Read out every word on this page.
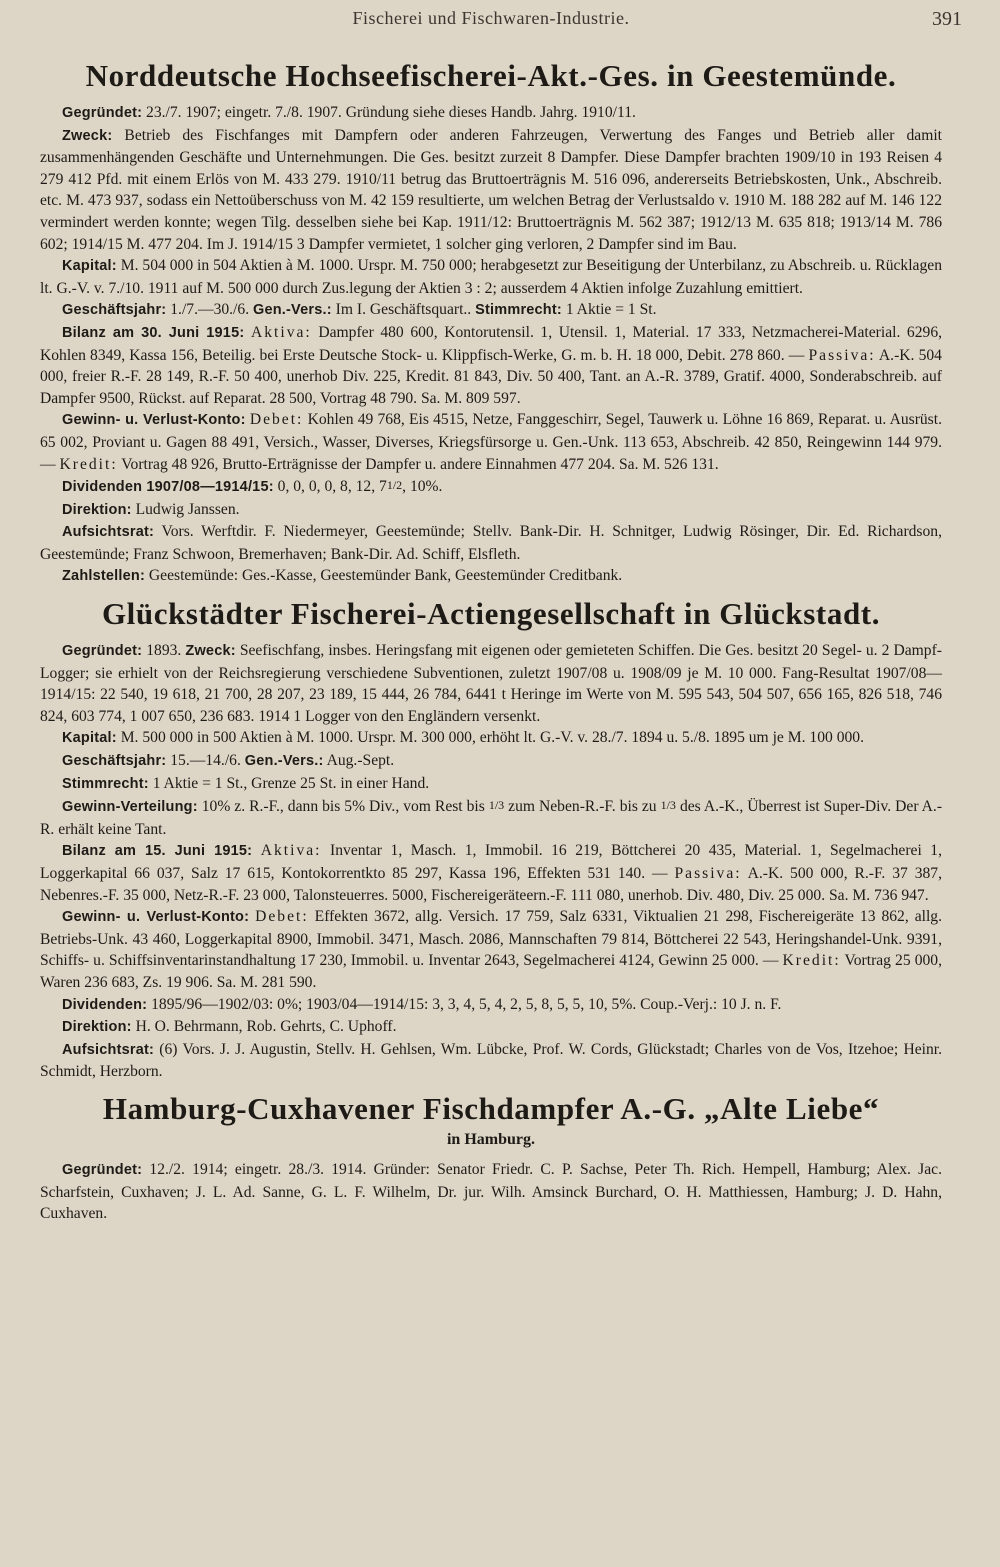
Fischerei und Fischwaren-Industrie.	391
Norddeutsche Hochseefischerei-Akt.-Ges. in Geestemünde.

Gegründet: 23./7. 1907; eingetr. 7./8. 1907. Gründung siehe dieses Handb. Jahrg. 1910/11.

Zweck: Betrieb des Fischfanges mit Dampfern oder anderen Fahrzeugen, Verwertung des Fanges und Betrieb aller damit zusammenhängenden Geschäfte und Unternehmungen. Die Ges. besitzt zurzeit 8 Dampfer. Diese Dampfer brachten 1909/10 in 193 Reisen 4 279 412 Pfd. mit einem Erlös von M. 433 279. 1910/11 betrug das Bruttoerträgnis M. 516 096, andererseits Betriebskosten, Unk., Abschreib. etc. M. 473 937, sodass ein Nettoüberschuss von M. 42 159 resultierte, um welchen Betrag der Verlustsaldo v. 1910 M. 188 282 auf M. 146 122 vermindert werden konnte; wegen Tilg. desselben siehe bei Kap. 1911/12: Bruttoerträgnis M. 562 387; 1912/13 M. 635 818; 1913/14 M. 786 602; 1914/15 M. 477 204. Im J. 1914/15 3 Dampfer vermietet, 1 solcher ging verloren, 2 Dampfer sind im Bau.

Kapital: M. 504 000 in 504 Aktien à M. 1000. Urspr. M. 750 000; herabgesetzt zur Beseitigung der Unterbilanz, zu Abschreib. u. Rücklagen lt. G.-V. v. 7./10. 1911 auf M. 500 000 durch Zus.legung der Aktien 3 : 2; ausserdem 4 Aktien infolge Zuzahlung emittiert.

Geschäftsjahr: 1./7.—30./6. Gen.-Vers.: Im I. Geschäftsquart.. Stimmrecht: 1 Aktie = 1 St.

Bilanz am 30. Juni 1915: Aktiva: Dampfer 480 600, Kontorutensil. 1, Utensil. 1, Material. 17 333, Netzmacherei-Material. 6296, Kohlen 8349, Kassa 156, Beteilig. bei Erste Deutsche Stock- u. Klippfisch-Werke, G. m. b. H. 18 000, Debit. 278 860. — Passiva: A.-K. 504 000, freier R.-F. 28 149, R.-F. 50 400, unerhob Div. 225, Kredit. 81 843, Div. 50 400, Tant. an A.-R. 3789, Gratif. 4000, Sonderabschreib. auf Dampfer 9500, Rückst. auf Reparat. 28 500, Vortrag 48 790. Sa. M. 809 597.

Gewinn- u. Verlust-Konto: Debet: Kohlen 49 768, Eis 4515, Netze, Fanggeschirr, Segel, Tauwerk u. Löhne 16 869, Reparat. u. Ausrüst. 65 002, Proviant u. Gagen 88 491, Versich., Wasser, Diverses, Kriegsfürsorge u. Gen.-Unk. 113 653, Abschreib. 42 850, Reingewinn 144 979. — Kredit: Vortrag 48 926, Brutto-Erträgnisse der Dampfer u. andere Einnahmen 477 204. Sa. M. 526 131.

Dividenden 1907/08—1914/15: 0, 0, 0, 0, 8, 12, 71/2, 10%.

Direktion: Ludwig Janssen.

Aufsichtsrat: Vors. Werftdir. F. Niedermeyer, Geestemünde; Stellv. Bank-Dir. H. Schnitger, Ludwig Rösinger, Dir. Ed. Richardson, Geestemünde; Franz Schwoon, Bremerhaven; Bank-Dir. Ad. Schiff, Elsfleth.

Zahlstellen: Geestemünde: Ges.-Kasse, Geestemünder Bank, Geestemünder Creditbank.

Glückstädter Fischerei-Actiengesellschaft in Glückstadt.

Gegründet: 1893. Zweck: Seefischfang, insbes. Heringsfang mit eigenen oder gemieteten Schiffen. Die Ges. besitzt 20 Segel- u. 2 Dampf-Logger; sie erhielt von der Reichsregierung verschiedene Subventionen, zuletzt 1907/08 u. 1908/09 je M. 10 000. Fang-Resultat 1907/08—1914/15: 22 540, 19 618, 21 700, 28 207, 23 189, 15 444, 26 784, 6441 t Heringe im Werte von M. 595 543, 504 507, 656 165, 826 518, 746 824, 603 774, 1 007 650, 236 683. 1914 1 Logger von den Engländern versenkt.

Kapital: M. 500 000 in 500 Aktien à M. 1000. Urspr. M. 300 000, erhöht lt. G.-V. v. 28./7. 1894 u. 5./8. 1895 um je M. 100 000.

Geschäftsjahr: 15.—14./6. Gen.-Vers.: Aug.-Sept.

Stimmrecht: 1 Aktie = 1 St., Grenze 25 St. in einer Hand.

Gewinn-Verteilung: 10% z. R.-F., dann bis 5% Div., vom Rest bis 1/3 zum Neben-R.-F. bis zu 1/3 des A.-K., Überrest ist Super-Div. Der A.-R. erhält keine Tant.

Bilanz am 15. Juni 1915: Aktiva: Inventar 1, Masch. 1, Immobil. 16 219, Böttcherei 20 435, Material. 1, Segelmacherei 1, Loggerkapital 66 037, Salz 17 615, Kontokorrentkto 85 297, Kassa 196, Effekten 531 140. — Passiva: A.-K. 500 000, R.-F. 37 387, Nebenres.-F. 35 000, Netz-R.-F. 23 000, Talonsteuerres. 5000, Fischereigeräteern.-F. 111 080, unerhob. Div. 480, Div. 25 000. Sa. M. 736 947.

Gewinn- u. Verlust-Konto: Debet: Effekten 3672, allg. Versich. 17 759, Salz 6331, Viktualien 21 298, Fischereigeräte 13 862, allg. Betriebs-Unk. 43 460, Loggerkapital 8900, Immobil. 3471, Masch. 2086, Mannschaften 79 814, Böttcherei 22 543, Heringshandel-Unk. 9391, Schiffs- u. Schiffsinventarinstandhaltung 17 230, Immobil. u. Inventar 2643, Segelmacherei 4124, Gewinn 25 000. — Kredit: Vortrag 25 000, Waren 236 683, Zs. 19 906. Sa. M. 281 590.

Dividenden: 1895/96—1902/03: 0%; 1903/04—1914/15: 3, 3, 4, 5, 4, 2, 5, 8, 5, 5, 10, 5%. Coup.-Verj.: 10 J. n. F.

Direktion: H. O. Behrmann, Rob. Gehrts, C. Uphoff.

Aufsichtsrat: (6) Vors. J. J. Augustin, Stellv. H. Gehlsen, Wm. Lübcke, Prof. W. Cords, Glückstadt; Charles von de Vos, Itzehoe; Heinr. Schmidt, Herzborn.

Hamburg-Cuxhavener Fischdampfer A.-G. „Alte Liebe“
in Hamburg.

Gegründet: 12./2. 1914; eingetr. 28./3. 1914. Gründer: Senator Friedr. C. P. Sachse, Peter Th. Rich. Hempell, Hamburg; Alex. Jac. Scharfstein, Cuxhaven; J. L. Ad. Sanne, G. L. F. Wilhelm, Dr. jur. Wilh. Amsinck Burchard, O. H. Matthiessen, Hamburg; J. D. Hahn, Cuxhaven.
